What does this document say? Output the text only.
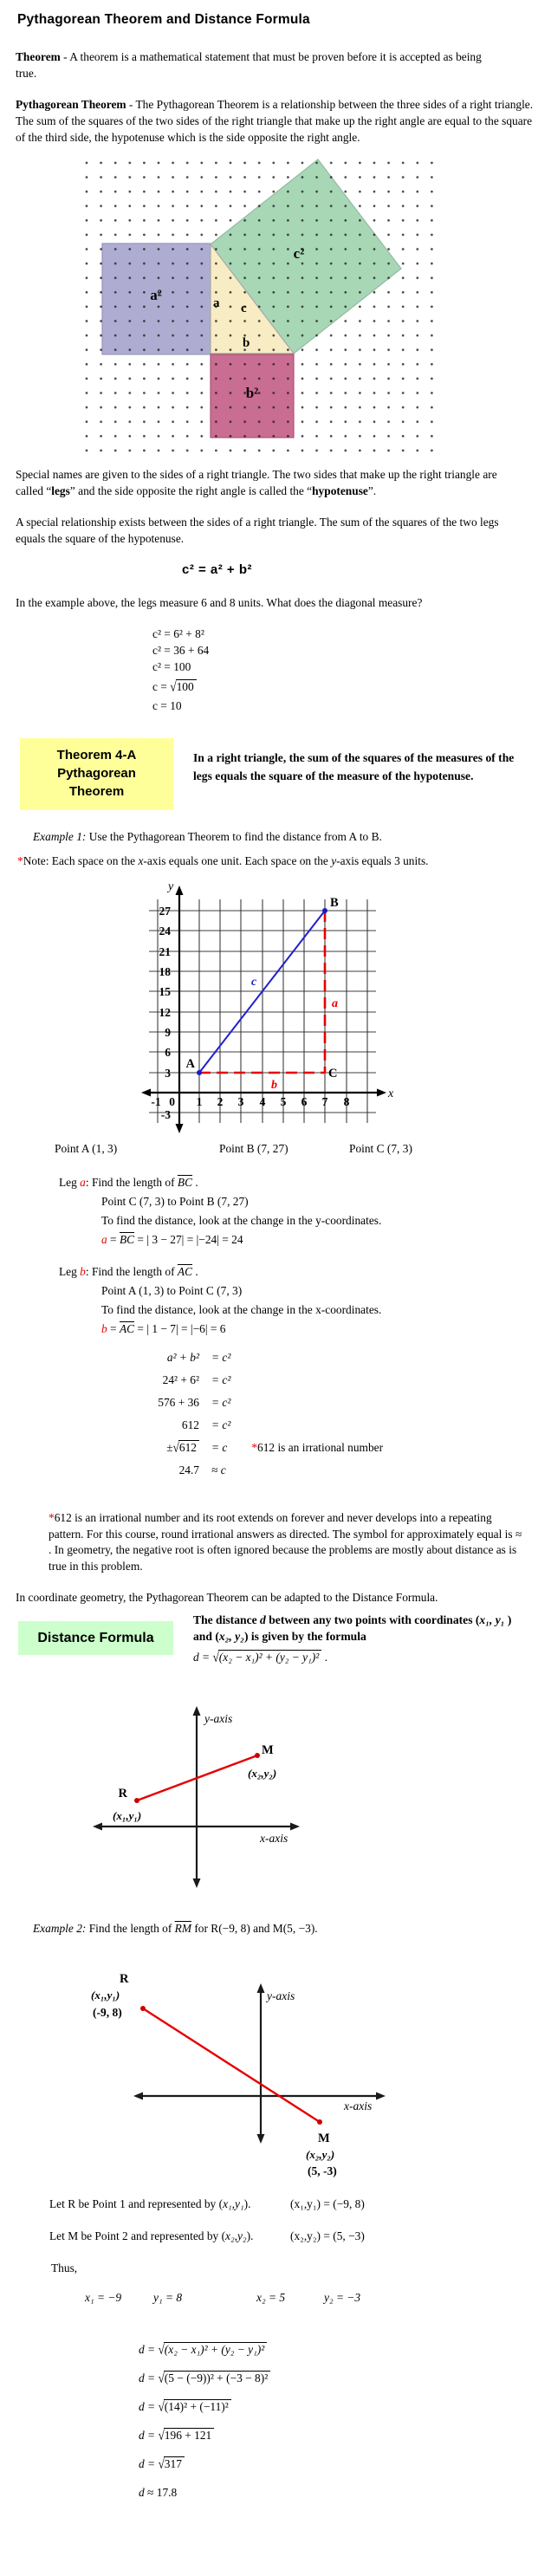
Pythagorean Theorem and Distance Formula

Theorem - A theorem is a mathematical statement that must be proven before it is accepted as being true.

Pythagorean Theorem - The Pythagorean Theorem is a relationship between the three sides of a right triangle. The sum of the squares of the two sides of the right triangle that make up the right angle are equal to the square of the third side, the hypotenuse which is the side opposite the right angle.

a²
c²
b²
a c
b

Special names are given to the sides of a right triangle. The two sides that make up the right triangle are called “legs” and the side opposite the right angle is called the “hypotenuse”.

A special relationship exists between the sides of a right triangle. The sum of the squares of the two legs equals the square of the hypotenuse.

c² = a² + b²

In the example above, the legs measure 6 and 8 units. What does the diagonal measure?

c² = 6² + 8²
c² = 36 + 64
c² = 100
c = √100
c = 10
Theorem 4-A
Pythagorean
Theorem
In a right triangle, the sum of the squares of the measures of the legs equals the square of the measure of the hypotenuse.

Example 1: Use the Pythagorean Theorem to find the distance from A to B.

*Note: Each space on the x-axis equals one unit. Each space on the y-axis equals 3 units.

27
24
21
18
15
12
9
6
3
0
-3
-1	1 2 3 4 5 6 7 8
A
B
C
c
a
b
y
x
Point A (1, 3)	Point B (7, 27)	Point C (7, 3)
Leg a: Find the length of $\overline{BC}$ .
Point C (7, 3) to Point B (7, 27)
To find the distance, look at the change in the y-coordinates.
$a = \overline{BC}$ = | 3 − 27| = |−24| = 24
Leg b: Find the length of $\overline{AC}$ .
Point A (1, 3) to Point C (7, 3)
To find the distance, look at the change in the x-coordinates.
$b = \overline{AC}$ = | 1 − 7| = |−6| = 6
a² + b² = c²
24² + 6² = c²
576 + 36 = c²
612 = c²
±√612 = c *612 is an irrational number
24.7 ≈ c

*612 is an irrational number and its root extends on forever and never develops into a repeating pattern. For this course, round irrational answers as directed. The symbol for approximately equal is ≈ . In geometry, the negative root is often ignored because the problems are mostly about distance as is true in this problem.

In coordinate geometry, the Pythagorean Theorem can be adapted to the Distance Formula.

Distance Formula
The distance d between any two points with coordinates (x₁, y₁ ) and (x₂, y₂) is given by the formula
d = √(x₂ − x₁)² + (y₂ − y₁)² .
y-axis
x-axis
R
(x₁,y₁)
M
(x₂,y₂)

Example 2: Find the length of $\overline{RM}$ for R(−9, 8) and M(5, −3).

R
(x₁,y₁)
(-9, 8)
y-axis
x-axis
M
(x₂,y₂)
(5, -3)

Let R be Point 1 and represented by (x₁,y₁).	(x₁,y₁) = (−9, 8)

Let M be Point 2 and represented by (x₂,y₂).	(x₂,y₂) = (5, −3)

Thus,

x₁ = −9	y₁ = 8	x₂ = 5	y₂ = −3
d = √(x₂ − x₁)² + (y₂ − y₁)²
d = √(5 − (−9))² + (−3 − 8)²
d = √(14)² + (−11)²
d = √196 + 121
d = √317
d ≈ 17.8
